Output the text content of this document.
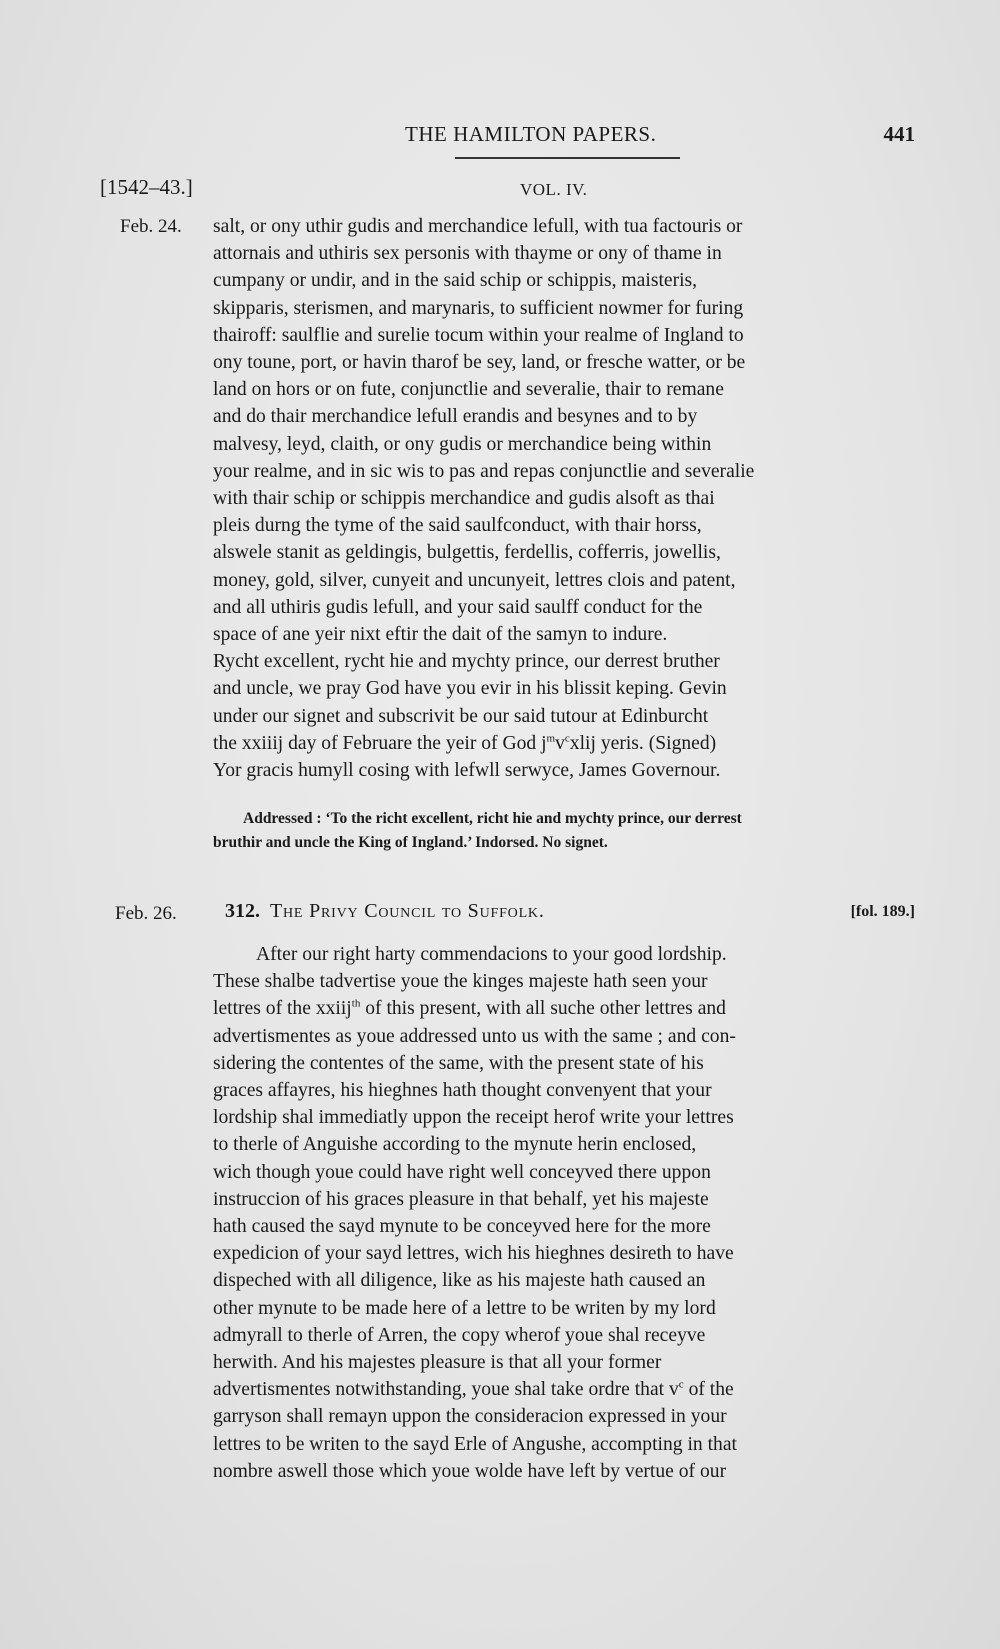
THE HAMILTON PAPERS.	441
[1542–43.]	VOL. IV.
Feb. 24. salt, or ony uthir gudis and merchandice lefull, with tua factouris or
attornais and uthiris sex personis with thayme or ony of thame in
cumpany or undir, and in the said schip or schippis, maisteris,
skipparis, sterismen, and marynaris, to sufficient nowmer for furing
thairoff: saulflie and surelie tocum within your realme of Ingland to
ony toune, port, or havin tharof be sey, land, or fresche watter, or be
land on hors or on fute, conjunctlie and severalie, thair to remane
and do thair merchandice lefull erandis and besynes and to by
malvesy, leyd, claith, or ony gudis or merchandice being within
your realme, and in sic wis to pas and repas conjunctlie and severalie
with thair schip or schippis merchandice and gudis alsoft as thai
pleis durng the tyme of the said saulfconduct, with thair horss,
alswele stanit as geldingis, bulgettis, ferdellis, cofferris, jowellis,
money, gold, silver, cunyeit and uncunyeit, lettres clois and patent,
and all uthiris gudis lefull, and your said saulff conduct for the
space of ane yeir nixt eftir the dait of the samyn to indure.
Rycht excellent, rycht hie and mychty prince, our derrest bruther
and uncle, we pray God have you evir in his blissit keping. Gevin
under our signet and subscrivit be our said tutour at Edinburcht
the xxiiij day of Februare the yeir of God $j^mv^cxlij$ yeris. (Signed)
Yor gracis humyll cosing with lefwll serwyce, James Governour.
Addressed : ‘To the richt excellent, richt hie and mychty prince, our derrest
bruthir and uncle the King of Ingland.’ Indorsed. No signet.
Feb. 26. 312. The Privy Council to Suffolk.	[fol. 189.]
After our right harty commendacions to your good lordship.
These shalbe tadvertise youe the kinges majeste hath seen your
lettres of the xxiij$^{th}$ of this present, with all suche other lettres and
advertismentes as youe addressed unto us with the same ; and con-
sidering the contentes of the same, with the present state of his
graces affayres, his hieghnes hath thought convenyent that your
lordship shal immediatly uppon the receipt herof write your lettres
to therle of Anguishe according to the mynute herin enclosed,
wich though youe could have right well conceyved there uppon
instruccion of his graces pleasure in that behalf, yet his majeste
hath caused the sayd mynute to be conceyved here for the more
expedicion of your sayd lettres, wich his hieghnes desireth to have
dispeched with all diligence, like as his majeste hath caused an
other mynute to be made here of a lettre to be writen by my lord
admyrall to therle of Arren, the copy wherof youe shal receyve
herwith. And his majestes pleasure is that all your former
advertismentes notwithstanding, youe shal take ordre that $v^c$ of the
garryson shall remayn uppon the consideracion expressed in your
lettres to be writen to the sayd Erle of Angushe, accompting in that
nombre aswell those which youe wolde have left by vertue of our
